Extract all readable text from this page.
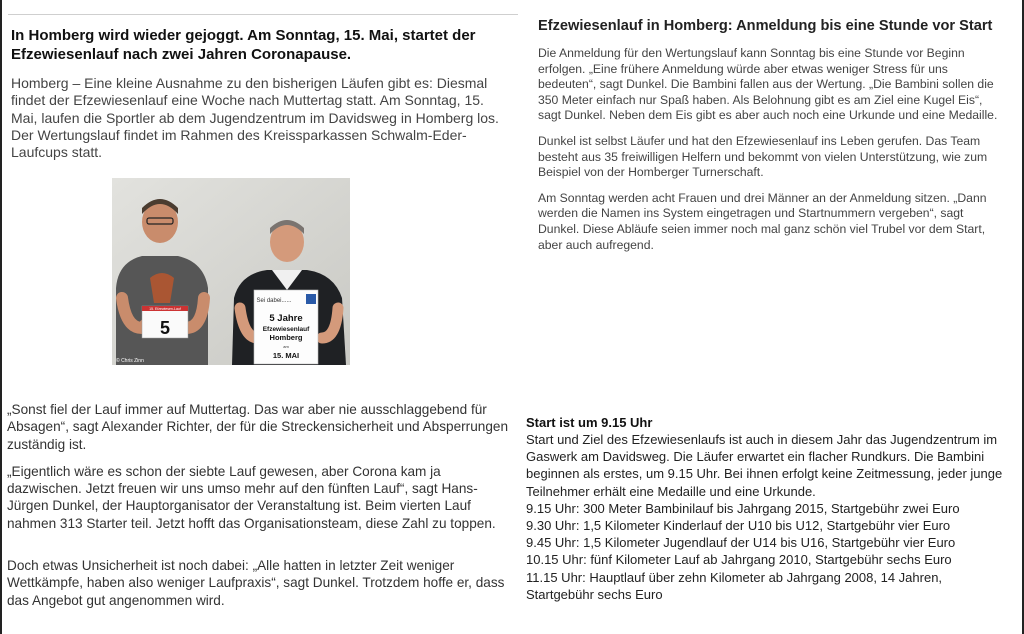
In Homberg wird wieder gejoggt. Am Sonntag, 15. Mai, startet der Efzewiesenlauf nach zwei Jahren Coronapause.

Homberg – Eine kleine Ausnahme zu den bisherigen Läufen gibt es: Diesmal findet der Efzewiesenlauf eine Woche nach Muttertag statt. Am Sonntag, 15. Mai, laufen die Sportler ab dem Jugendzentrum im Davidsweg in Homberg los. Der Wertungslauf findet im Rahmen des Kreissparkassen Schwalm-Eder-Laufcups statt.

15. Efzewiesen-Lauf
5
Sei dabei......
5 Jahre
Efzewiesenlauf
Homberg
am
15. MAI
© Chris Zinn

„Sonst fiel der Lauf immer auf Muttertag. Das war aber nie ausschlaggebend für Absagen“, sagt Alexander Richter, der für die Streckensicherheit und Absperrungen zuständig ist.

„Eigentlich wäre es schon der siebte Lauf gewesen, aber Corona kam ja dazwischen. Jetzt freuen wir uns umso mehr auf den fünften Lauf“, sagt Hans-Jürgen Dunkel, der Hauptorganisator der Veranstaltung ist. Beim vierten Lauf nahmen 313 Starter teil. Jetzt hofft das Organisationsteam, diese Zahl zu toppen.

Doch etwas Unsicherheit ist noch dabei: „Alle hatten in letzter Zeit weniger Wettkämpfe, haben also weniger Laufpraxis“, sagt Dunkel. Trotzdem hoffe er, dass das Angebot gut angenommen wird.

Efzewiesenlauf in Homberg: Anmeldung bis eine Stunde vor Start

Die Anmeldung für den Wertungslauf kann Sonntag bis eine Stunde vor Beginn erfolgen. „Eine frühere Anmeldung würde aber etwas weniger Stress für uns bedeuten“, sagt Dunkel. Die Bambini fallen aus der Wertung. „Die Bambini sollen die 350 Meter einfach nur Spaß haben. Als Belohnung gibt es am Ziel eine Kugel Eis“, sagt Dunkel. Neben dem Eis gibt es aber auch noch eine Urkunde und eine Medaille.

Dunkel ist selbst Läufer und hat den Efzewiesenlauf ins Leben gerufen. Das Team besteht aus 35 freiwilligen Helfern und bekommt von vielen Unterstützung, wie zum Beispiel von der Homberger Turnerschaft.

Am Sonntag werden acht Frauen und drei Männer an der Anmeldung sitzen. „Dann werden die Namen ins System eingetragen und Startnummern vergeben“, sagt Dunkel. Diese Abläufe seien immer noch mal ganz schön viel Trubel vor dem Start, aber auch aufregend.

Start ist um 9.15 Uhr

Start und Ziel des Efzewiesenlaufs ist auch in diesem Jahr das Jugendzentrum im Gaswerk am Davidsweg. Die Läufer erwartet ein flacher Rundkurs. Die Bambini beginnen als erstes, um 9.15 Uhr. Bei ihnen erfolgt keine Zeitmessung, jeder junge Teilnehmer erhält eine Medaille und eine Urkunde.

9.15 Uhr: 300 Meter Bambinilauf bis Jahrgang 2015, Startgebühr zwei Euro
9.30 Uhr: 1,5 Kilometer Kinderlauf der U10 bis U12, Startgebühr vier Euro
9.45 Uhr: 1,5 Kilometer Jugendlauf der U14 bis U16, Startgebühr vier Euro
10.15 Uhr: fünf Kilometer Lauf ab Jahrgang 2010, Startgebühr sechs Euro
11.15 Uhr: Hauptlauf über zehn Kilometer ab Jahrgang 2008, 14 Jahren, Startgebühr sechs Euro
